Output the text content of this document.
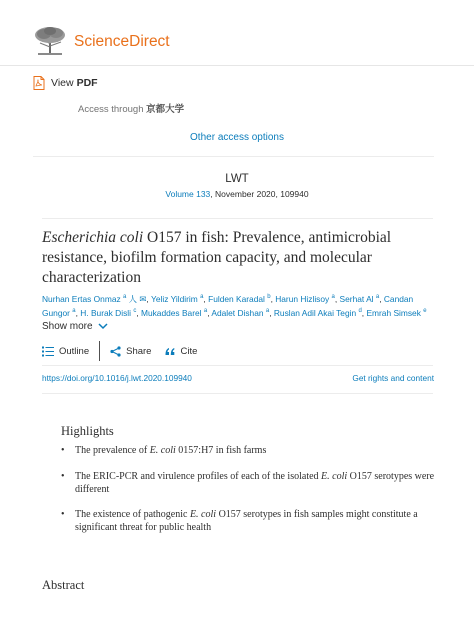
ScienceDirect
View PDF
Access through 京都大学
Other access options
LWT
Volume 133, November 2020, 109940
Escherichia coli O157 in fish: Prevalence, antimicrobial resistance, biofilm formation capacity, and molecular characterization
Nurhan Ertas Onmaz $^a$ 人 ✉, Yeliz Yildirim $^a$, Fulden Karadal $^b$, Harun Hizlisoy $^a$, Serhat Al $^a$, Candan Gungor $^a$, H. Burak Disli $^c$, Mukaddes Barel $^a$, Adalet Dishan $^a$, Ruslan Adil Akai Tegin $^d$, Emrah Simsek $^e$
Show more
Outline	Share	Cite
https://doi.org/10.1016/j.lwt.2020.109940	Get rights and content
Highlights
• The prevalence of E. coli 0157:H7 in fish farms
• The ERIC-PCR and virulence profiles of each of the isolated E. coli O157 serotypes were different
• The existence of pathogenic E. coli O157 serotypes in fish samples might constitute a significant threat for public health
Abstract
